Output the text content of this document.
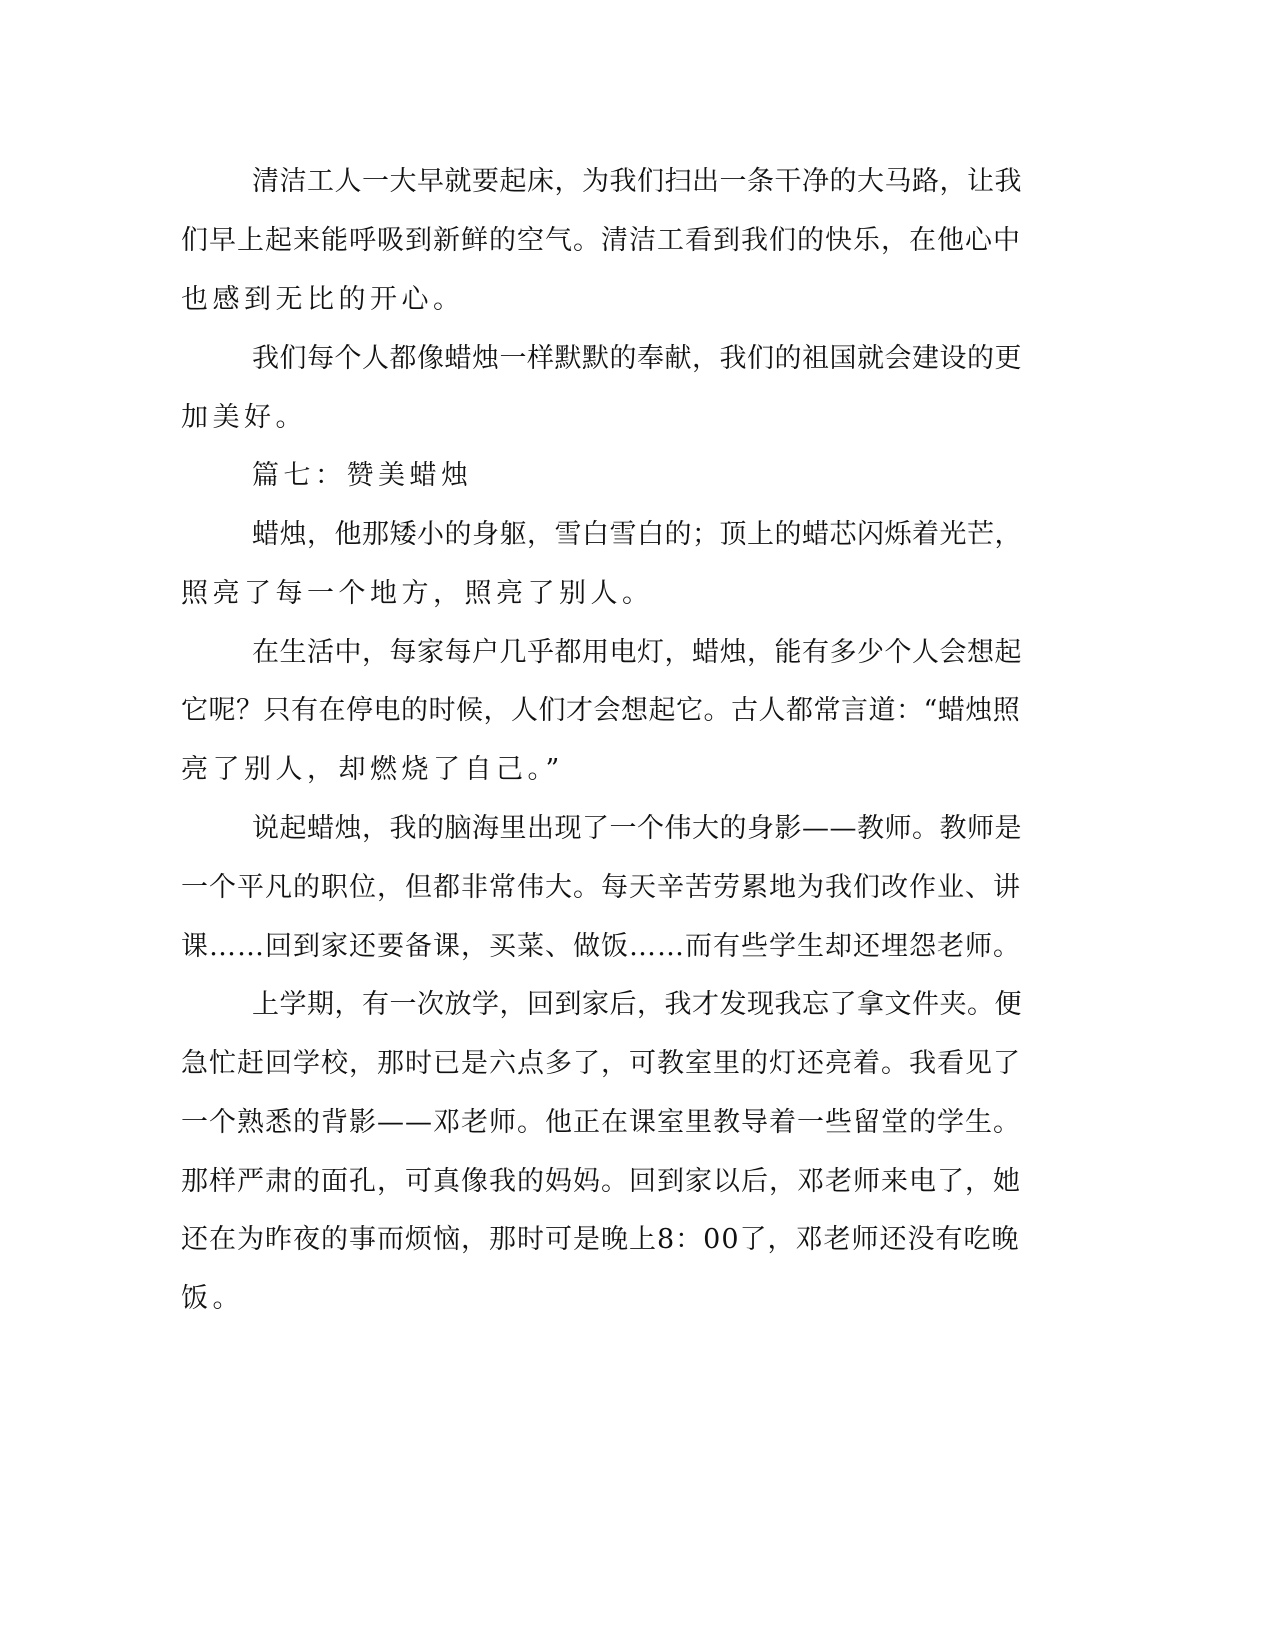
清洁工人一大早就要起床，为我们扫出一条干净的大马路，让我

们早上起来能呼吸到新鲜的空气。清洁工看到我们的快乐，在他心中

也感到无比的开心。

我们每个人都像蜡烛一样默默的奉献，我们的祖国就会建设的更

加美好。

篇七：赞美蜡烛

蜡烛，他那矮小的身躯，雪白雪白的；顶上的蜡芯闪烁着光芒，

照亮了每一个地方，照亮了别人。

在生活中，每家每户几乎都用电灯，蜡烛，能有多少个人会想起

它呢？只有在停电的时候，人们才会想起它。古人都常言道：“蜡烛照

亮了别人，却燃烧了自己。”

说起蜡烛，我的脑海里出现了一个伟大的身影——教师。教师是

一个平凡的职位，但都非常伟大。每天辛苦劳累地为我们改作业、讲

课……回到家还要备课，买菜、做饭……而有些学生却还埋怨老师。

上学期，有一次放学，回到家后，我才发现我忘了拿文件夹。便

急忙赶回学校，那时已是六点多了，可教室里的灯还亮着。我看见了

一个熟悉的背影——邓老师。他正在课室里教导着一些留堂的学生。

那样严肃的面孔，可真像我的妈妈。回到家以后，邓老师来电了，她

还在为昨夜的事而烦恼，那时可是晚上8：00了，邓老师还没有吃晚

饭。
